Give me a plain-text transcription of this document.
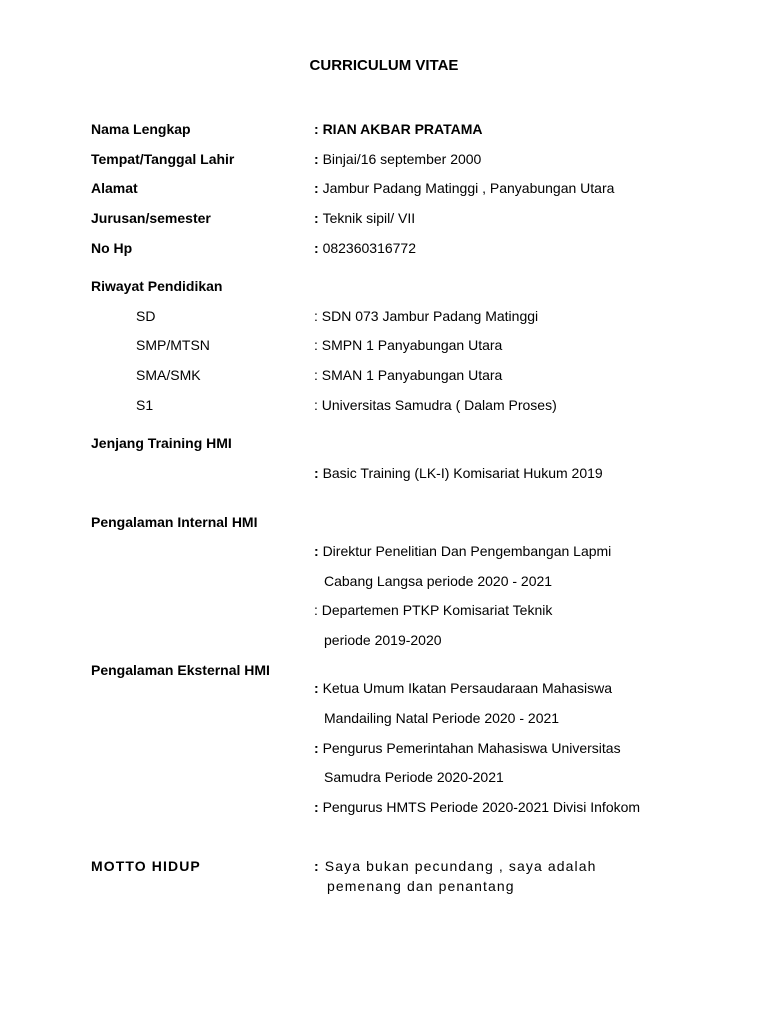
CURRICULUM VITAE
Nama Lengkap	: RIAN AKBAR PRATAMA
Tempat/Tanggal Lahir	: Binjai/16 september 2000
Alamat	: Jambur Padang Matinggi , Panyabungan Utara
Jurusan/semester	: Teknik sipil/ VII
No Hp	: 082360316772
Riwayat Pendidikan
SD	: SDN 073 Jambur Padang Matinggi
SMP/MTSN	: SMPN 1 Panyabungan Utara
SMA/SMK	: SMAN 1 Panyabungan Utara
S1	: Universitas Samudra ( Dalam Proses)
Jenjang Training HMI
: Basic Training (LK-I) Komisariat Hukum 2019
Pengalaman Internal HMI
: Direktur Penelitian Dan Pengembangan Lapmi
Cabang Langsa periode 2020 - 2021
: Departemen PTKP Komisariat Teknik
periode 2019-2020
Pengalaman Eksternal HMI
: Ketua Umum Ikatan Persaudaraan Mahasiswa
Mandailing Natal Periode 2020 - 2021
: Pengurus Pemerintahan Mahasiswa Universitas
Samudra Periode 2020-2021
: Pengurus HMTS Periode 2020-2021 Divisi Infokom
MOTTO HIDUP	: Saya bukan pecundang , saya adalah
pemenang dan penantang
